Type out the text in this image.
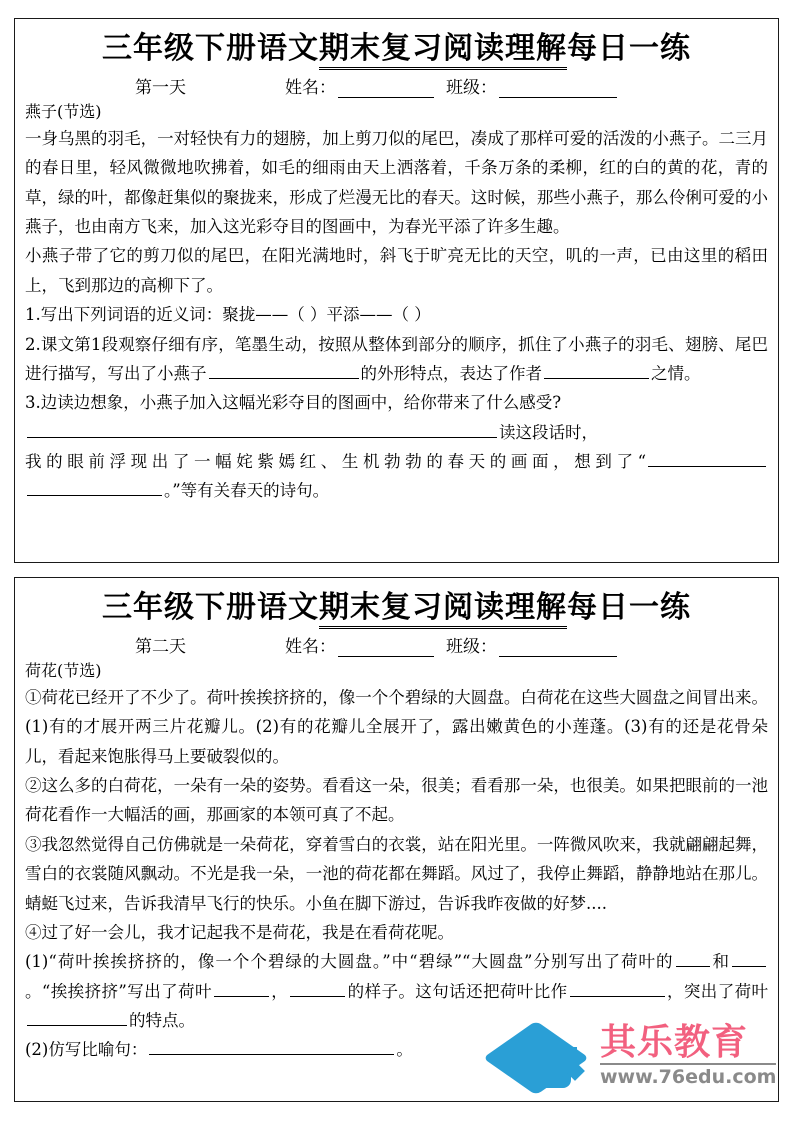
三年级下册语文期末复习阅读理解每日一练
第一天	姓名：	班级：
燕子(节选)

一身乌黑的羽毛，一对轻快有力的翅膀，加上剪刀似的尾巴，凑成了那样可爱的活泼的小燕子。二三月的春日里，轻风微微地吹拂着，如毛的细雨由天上洒落着，千条万条的柔柳，红的白的黄的花，青的草，绿的叶，都像赶集似的聚拢来，形成了烂漫无比的春天。这时候，那些小燕子，那么伶俐可爱的小燕子，也由南方飞来，加入这光彩夺目的图画中，为春光平添了许多生趣。

小燕子带了它的剪刀似的尾巴，在阳光满地时，斜飞于旷亮无比的天空，叽的一声，已由这里的稻田上，飞到那边的高柳下了。

1.写出下列词语的近义词：聚拢——（ ）平添——（ ）
2.课文第1段观察仔细有序，笔墨生动，按照从整体到部分的顺序，抓住了小燕子的羽毛、翅膀、尾巴进行描写，写出了小燕子	的外形特点，表达了作者	之情。
3.边读边想象，小燕子加入这幅光彩夺目的图画中，给你带来了什么感受?
读这段话时，
我的眼前浮现出了一幅姹紫嫣红、生机勃勃的春天的画面，想到了“。”等有关春天的诗句。
三年级下册语文期末复习阅读理解每日一练
第二天	姓名：	班级：
荷花(节选)

①荷花已经开了不少了。荷叶挨挨挤挤的，像一个个碧绿的大圆盘。白荷花在这些大圆盘之间冒出来。(1)有的才展开两三片花瓣儿。(2)有的花瓣儿全展开了，露出嫩黄色的小莲蓬。(3)有的还是花骨朵儿，看起来饱胀得马上要破裂似的。

②这么多的白荷花，一朵有一朵的姿势。看看这一朵，很美；看看那一朵，也很美。如果把眼前的一池荷花看作一大幅活的画，那画家的本领可真了不起。

③我忽然觉得自己仿佛就是一朵荷花，穿着雪白的衣裳，站在阳光里。一阵微风吹来，我就翩翩起舞，雪白的衣裳随风飘动。不光是我一朵，一池的荷花都在舞蹈。风过了，我停止舞蹈，静静地站在那儿。蜻蜓飞过来，告诉我清早飞行的快乐。小鱼在脚下游过，告诉我昨夜做的好梦....

④过了好一会儿，我才记起我不是荷花，我是在看荷花呢。

(1)“荷叶挨挨挤挤的，像一个个碧绿的大圆盘。”中“碧绿”“大圆盘”分别写出了荷叶的 和。“挨挨挤挤”写出了荷叶	，	的样子。这句话还把荷叶比作	，突出了荷叶的特点。
(2)仿写比喻句：	。	其乐教育
www.76edu.com
